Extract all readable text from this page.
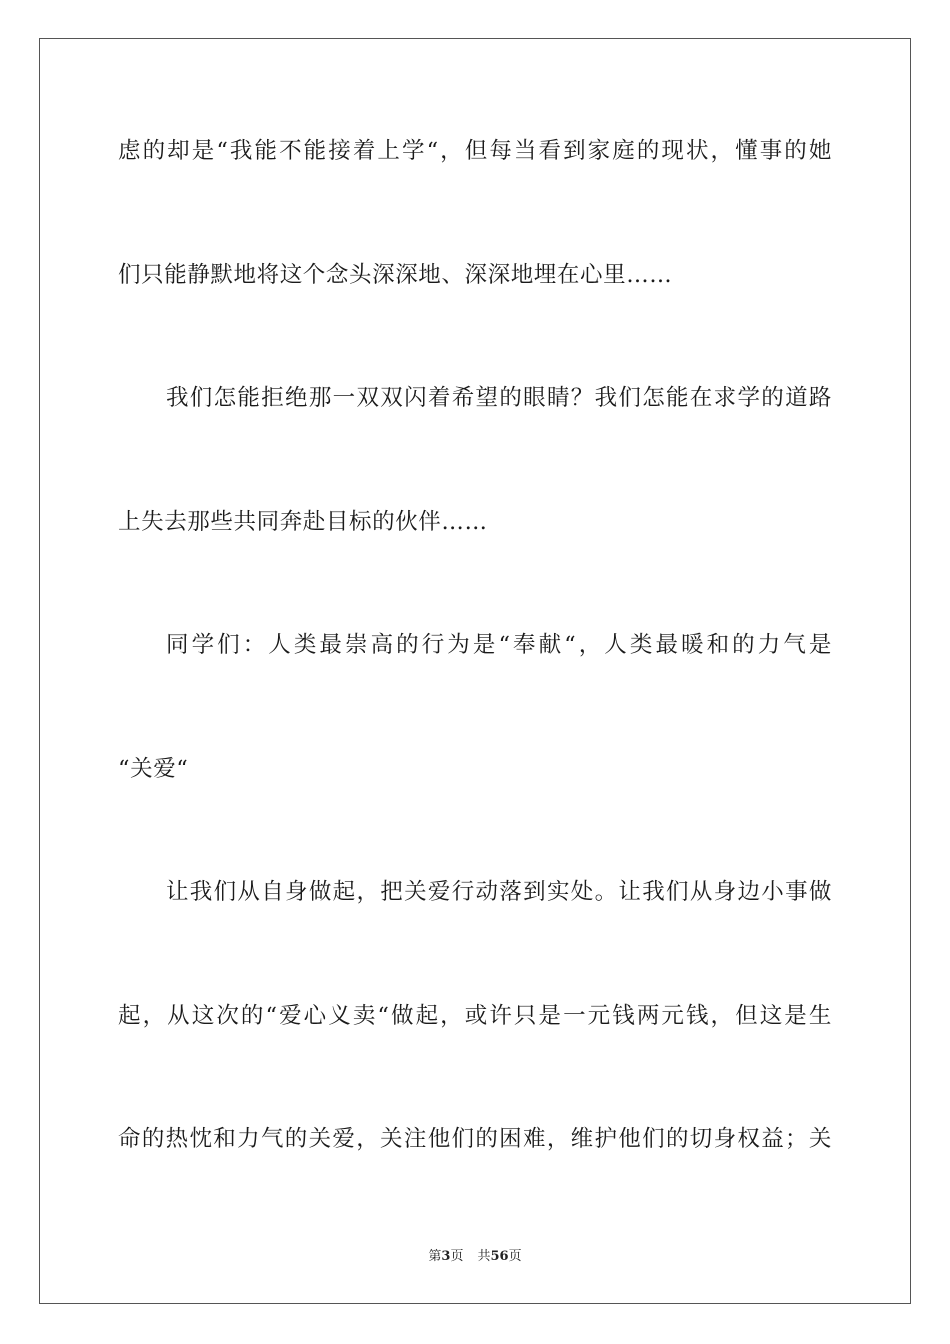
虑的却是“我能不能接着上学“，但每当看到家庭的现状，懂事的她
们只能静默地将这个念头深深地、深深地埋在心里……
我们怎能拒绝那一双双闪着希望的眼睛？我们怎能在求学的道路
上失去那些共同奔赴目标的伙伴……
同学们：人类最崇高的行为是“奉献“，人类最暖和的力气是
“关爱“
让我们从自身做起，把关爱行动落到实处。让我们从身边小事做
起，从这次的“爱心义卖“做起，或许只是一元钱两元钱，但这是生
命的热忱和力气的关爱，关注他们的困难，维护他们的切身权益；关
第3页 共56页
